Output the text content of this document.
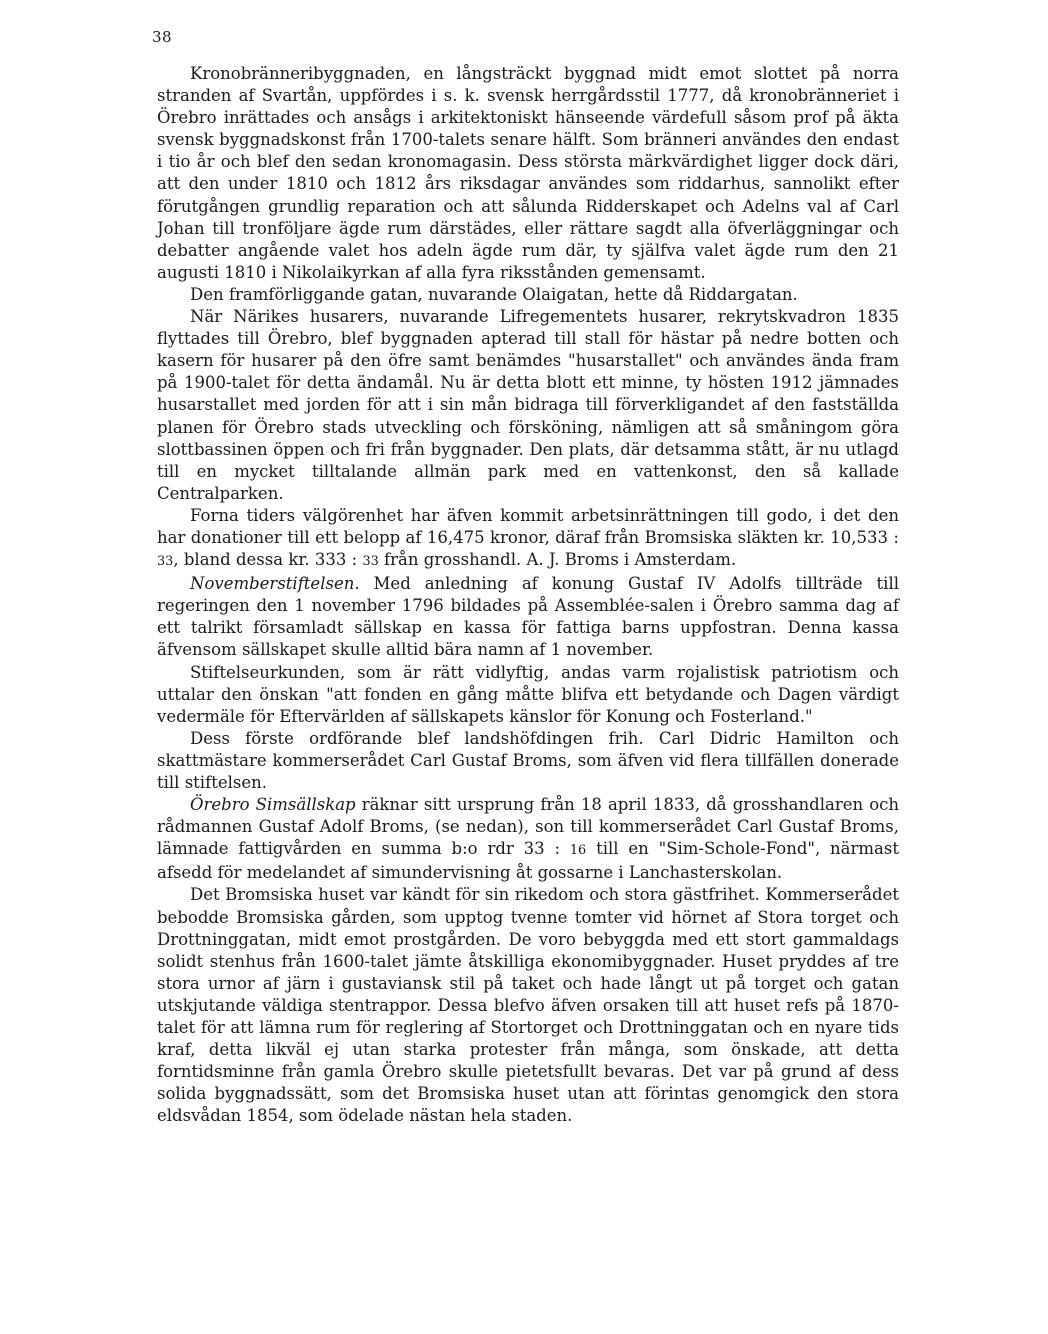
38

Kronobränneribyggnaden, en långsträckt byggnad midt emot slottet på norra stranden af Svartån, uppfördes i s. k. svensk herrgårdsstil 1777, då kronobränneriet i Örebro inrättades och ansågs i arkitektoniskt hänseende värdefull såsom prof på äkta svensk byggnadskonst från 1700-talets senare hälft. Som bränneri användes den endast i tio år och blef den sedan kronomagasin. Dess största märkvärdighet ligger dock däri, att den under 1810 och 1812 års riksdagar användes som riddarhus, sannolikt efter förutgången grundlig reparation och att sålunda Ridderskapet och Adelns val af Carl Johan till tronföljare ägde rum därstädes, eller rättare sagdt alla öfverläggningar och debatter angående valet hos adeln ägde rum där, ty själfva valet ägde rum den 21 augusti 1810 i Nikolaikyrkan af alla fyra riksstånden gemensamt.

Den framförliggande gatan, nuvarande Olaigatan, hette då Riddargatan.

När Närikes husarers, nuvarande Lifregementets husarer, rekrytskvadron 1835 flyttades till Örebro, blef byggnaden apterad till stall för hästar på nedre botten och kasern för husarer på den öfre samt benämdes "husarstallet" och användes ända fram på 1900-talet för detta ändamål. Nu är detta blott ett minne, ty hösten 1912 jämnades husarstallet med jorden för att i sin mån bidraga till förverkligandet af den fastställda planen för Örebro stads utveckling och försköning, nämligen att så småningom göra slottbassinen öppen och fri från byggnader. Den plats, där detsamma stått, är nu utlagd till en mycket tilltalande allmän park med en vattenkonst, den så kallade Centralparken.

Forna tiders välgörenhet har äfven kommit arbetsinrättningen till godo, i det den har donationer till ett belopp af 16,475 kronor, däraf från Bromsiska släkten kr. 10,533 : 33, bland dessa kr. 333 : 33 från grosshandl. A. J. Broms i Amsterdam.

Novemberstiftelsen. Med anledning af konung Gustaf IV Adolfs tillträde till regeringen den 1 november 1796 bildades på Assemblée-salen i Örebro samma dag af ett talrikt församladt sällskap en kassa för fattiga barns uppfostran. Denna kassa äfvensom sällskapet skulle alltid bära namn af 1 november.

Stiftelseurkunden, som är rätt vidlyftig, andas varm rojalistisk patriotism och uttalar den önskan "att fonden en gång måtte blifva ett betydande och Dagen värdigt vedermäle för Eftervärlden af sällskapets känslor för Konung och Fosterland."

Dess förste ordförande blef landshöfdingen frih. Carl Didric Hamilton och skattmästare kommerserådet Carl Gustaf Broms, som äfven vid flera tillfällen donerade till stiftelsen.

Örebro Simsällskap räknar sitt ursprung från 18 april 1833, då grosshandlaren och rådmannen Gustaf Adolf Broms, (se nedan), son till kommerserådet Carl Gustaf Broms, lämnade fattigvården en summa b:o rdr 33 : 16 till en "Sim-Schole-Fond", närmast afsedd för medelandet af simundervisning åt gossarne i Lanchasterskolan.

Det Bromsiska huset var kändt för sin rikedom och stora gästfrihet. Kommerserådet bebodde Bromsiska gården, som upptog tvenne tomter vid hörnet af Stora torget och Drottninggatan, midt emot prostgården. De voro bebyggda med ett stort gammaldags solidt stenhus från 1600-talet jämte åtskilliga ekonomibyggnader. Huset pryddes af tre stora urnor af järn i gustaviansk stil på taket och hade långt ut på torget och gatan utskjutande väldiga stentrappor. Dessa blefvo äfven orsaken till att huset refs på 1870-talet för att lämna rum för reglering af Stortorget och Drottninggatan och en nyare tids kraf, detta likväl ej utan starka protester från många, som önskade, att detta forntidsminne från gamla Örebro skulle pietetsfullt bevaras. Det var på grund af dess solida byggnadssätt, som det Bromsiska huset utan att förintas genomgick den stora eldsvådan 1854, som ödelade nästan hela staden.
